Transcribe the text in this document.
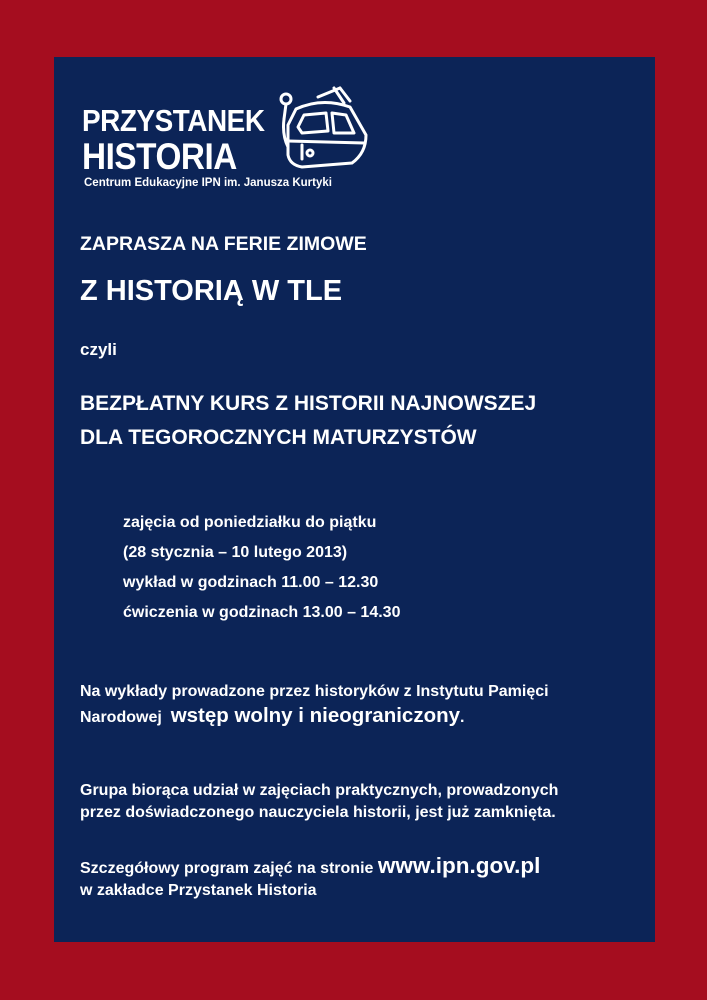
PRZYSTANEK
HISTORIA
Centrum Edukacyjne IPN im. Janusza Kurtyki
ZAPRASZA NA FERIE ZIMOWE
Z HISTORIĄ W TLE
czyli
BEZPŁATNY KURS Z HISTORII NAJNOWSZEJ
DLA TEGOROCZNYCH MATURZYSTÓW
zajęcia od poniedziałku do piątku
(28 stycznia – 10 lutego 2013)
wykład w godzinach 11.00 – 12.30
ćwiczenia w godzinach 13.00 – 14.30
Na wykłady prowadzone przez historyków z Instytutu Pamięci
Narodowej wstęp wolny i nieograniczony.
Grupa biorąca udział w zajęciach praktycznych, prowadzonych
przez doświadczonego nauczyciela historii, jest już zamknięta.
Szczegółowy program zajęć na stronie www.ipn.gov.pl
w zakładce Przystanek Historia
